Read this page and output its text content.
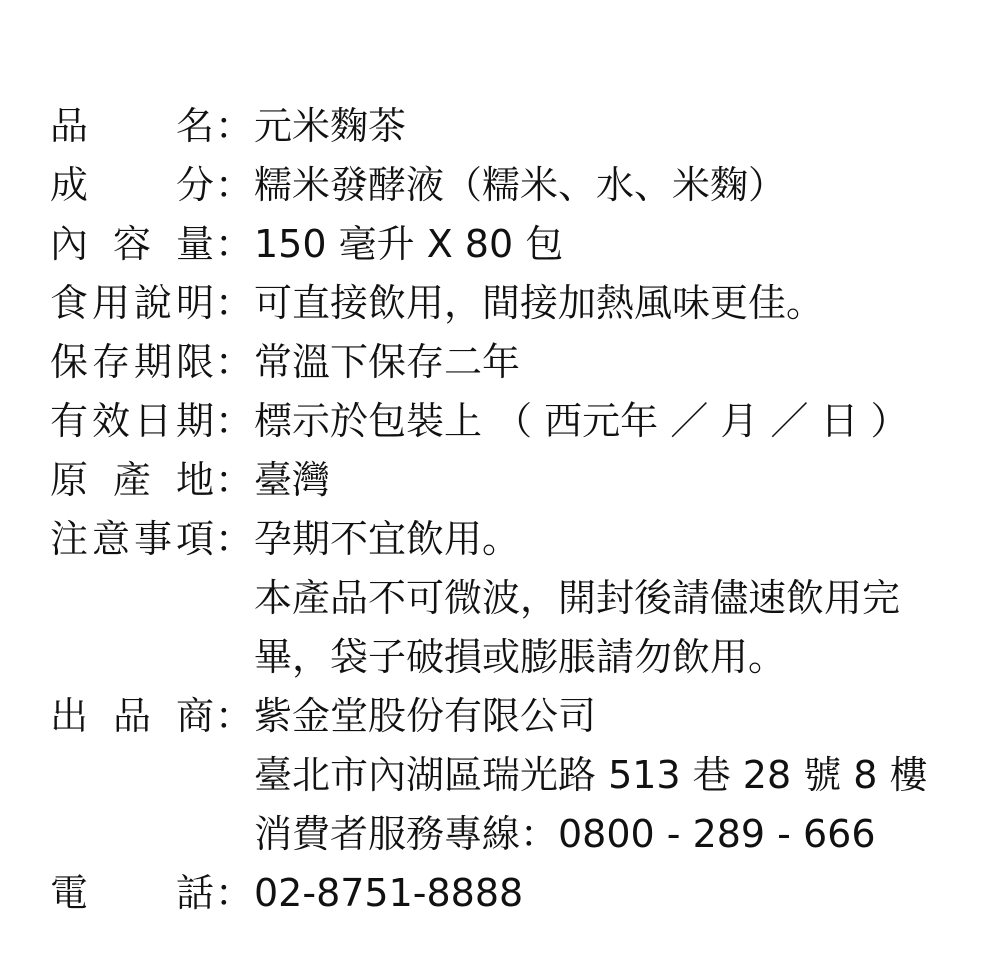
品 名 ： 元米麴茶
成 分 ： 糯米發酵液（糯米、水、米麴）
內 容 量 ： 150 毫升 X 80 包
食 用 說 明 ： 可直接飲用，間接加熱風味更佳。
保 存 期 限 ： 常溫下保存二年
有 效 日 期 ： 標示於包裝上 （ 西元年 ／ 月 ／ 日 ）
原 產 地 ： 臺灣
注 意 事 項 ： 孕期不宜飲用。
本產品不可微波，開封後請儘速飲用完
畢，袋子破損或膨脹請勿飲用。
出 品 商 ： 紫金堂股份有限公司
臺北市內湖區瑞光路 513 巷 28 號 8 樓
消費者服務專線：0800 - 289 - 666
電 話 ： 02-8751-8888
